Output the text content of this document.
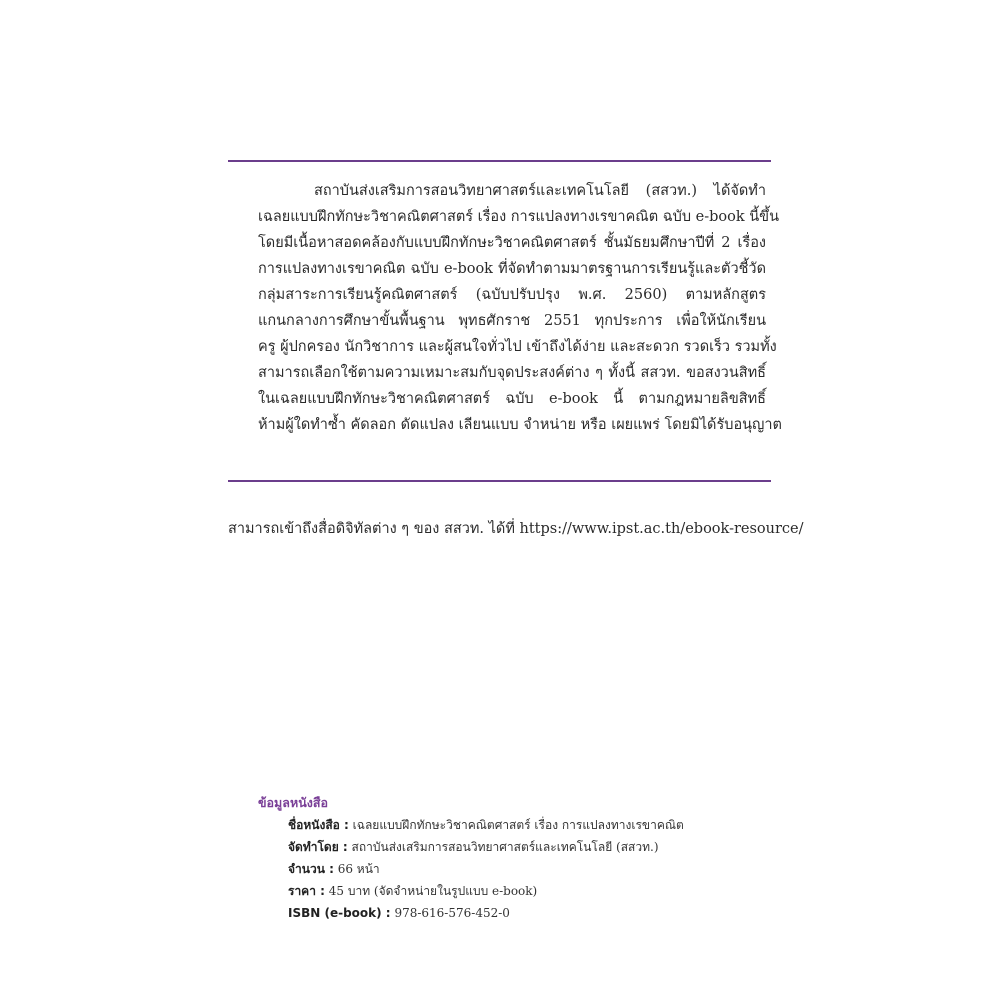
สถาบันส่งเสริมการสอนวิทยาศาสตร์และเทคโนโลยี (สสวท.) ได้จัดทำ
เฉลยแบบฝึกทักษะวิชาคณิตศาสตร์ เรื่อง การแปลงทางเรขาคณิต ฉบับ e-book นี้ขึ้น
โดยมีเนื้อหาสอดคล้องกับแบบฝึกทักษะวิชาคณิตศาสตร์ ชั้นมัธยมศึกษาปีที่ 2 เรื่อง
การแปลงทางเรขาคณิต ฉบับ e-book ที่จัดทำตามมาตรฐานการเรียนรู้และตัวชี้วัด
กลุ่มสาระการเรียนรู้คณิตศาสตร์ (ฉบับปรับปรุง พ.ศ. 2560) ตามหลักสูตร
แกนกลางการศึกษาขั้นพื้นฐาน พุทธศักราช 2551 ทุกประการ เพื่อให้นักเรียน
ครู ผู้ปกครอง นักวิชาการ และผู้สนใจทั่วไป เข้าถึงได้ง่าย และสะดวก รวดเร็ว รวมทั้ง
สามารถเลือกใช้ตามความเหมาะสมกับจุดประสงค์ต่าง ๆ ทั้งนี้ สสวท. ขอสงวนสิทธิ์
ในเฉลยแบบฝึกทักษะวิชาคณิตศาสตร์ ฉบับ e-book นี้ ตามกฎหมายลิขสิทธิ์
ห้ามผู้ใดทำซ้ำ คัดลอก ดัดแปลง เลียนแบบ จำหน่าย หรือ เผยแพร่ โดยมิได้รับอนุญาต
สามารถเข้าถึงสื่อดิจิทัลต่าง ๆ ของ สสวท. ได้ที่ https://www.ipst.ac.th/ebook-resource/
ข้อมูลหนังสือ
ชื่อหนังสือ : เฉลยแบบฝึกทักษะวิชาคณิตศาสตร์ เรื่อง การแปลงทางเรขาคณิต
จัดทำโดย : สถาบันส่งเสริมการสอนวิทยาศาสตร์และเทคโนโลยี (สสวท.)
จำนวน : 66 หน้า
ราคา : 45 บาท (จัดจำหน่ายในรูปแบบ e-book)
ISBN (e-book) : 978-616-576-452-0
